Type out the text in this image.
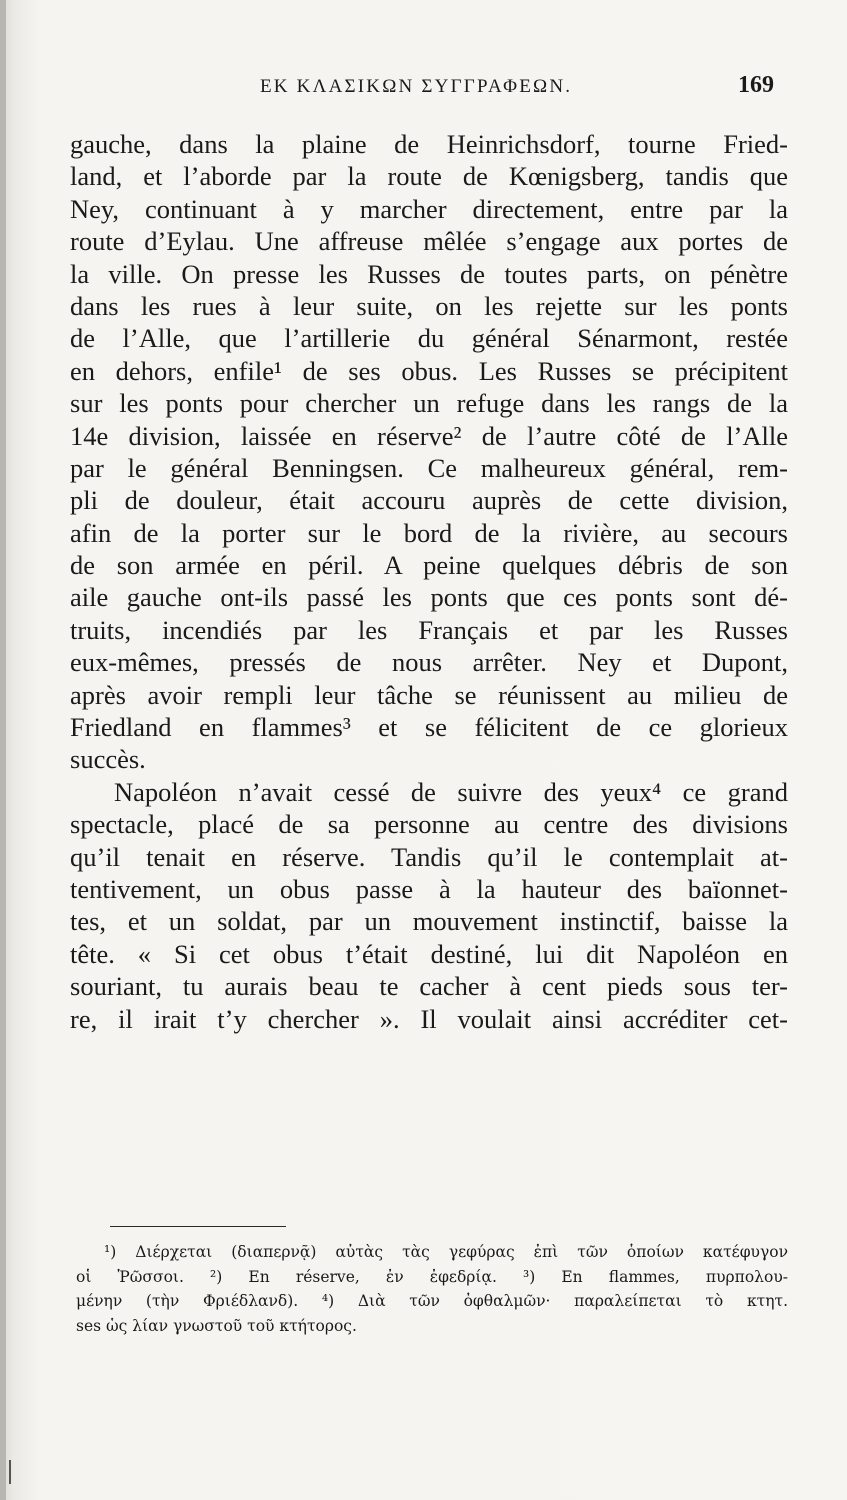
ΕΚ ΚΛΑΣΙΚΩΝ ΣΥΓΓΡΑΦΕΩΝ.	169
gauche, dans la plaine de Heinrichsdorf, tourne Fried-
land, et l’aborde par la route de Kœnigsberg, tandis que
Ney, continuant à y marcher directement, entre par la
route d’Eylau. Une affreuse mêlée s’engage aux portes de
la ville. On presse les Russes de toutes parts, on pénètre
dans les rues à leur suite, on les rejette sur les ponts
de l’Alle, que l’artillerie du général Sénarmont, restée
en dehors, enfile¹ de ses obus. Les Russes se précipitent
sur les ponts pour chercher un refuge dans les rangs de la
14e division, laissée en réserve² de l’autre côté de l’Alle
par le général Benningsen. Ce malheureux général, rem-
pli de douleur, était accouru auprès de cette division,
afin de la porter sur le bord de la rivière, au secours
de son armée en péril. A peine quelques débris de son
aile gauche ont-ils passé les ponts que ces ponts sont dé-
truits, incendiés par les Français et par les Russes
eux-mêmes, pressés de nous arrêter. Ney et Dupont,
après avoir rempli leur tâche se réunissent au milieu de
Friedland en flammes³ et se félicitent de ce glorieux
succès.
Napoléon n’avait cessé de suivre des yeux⁴ ce grand
spectacle, placé de sa personne au centre des divisions
qu’il tenait en réserve. Tandis qu’il le contemplait at-
tentivement, un obus passe à la hauteur des baïonnet-
tes, et un soldat, par un mouvement instinctif, baisse la
tête. « Si cet obus t’était destiné, lui dit Napoléon en
souriant, tu aurais beau te cacher à cent pieds sous ter-
re, il irait t’y chercher ». Il voulait ainsi accréditer cet-
¹) Διέρχεται (διαπερνᾷ) αὐτὰς τὰς γεφύρας ἐπὶ τῶν ὁποίων κατέφυγον
οἱ Ῥῶσσοι. ²) En réserve, ἐν ἐφεδρίᾳ. ³) En flammes, πυρπολου-
μένην (τὴν Φριέδλανδ). ⁴) Διὰ τῶν ὀφθαλμῶν· παραλείπεται τὸ κτητ.
ses ὡς λίαν γνωστοῦ τοῦ κτήτορος.
